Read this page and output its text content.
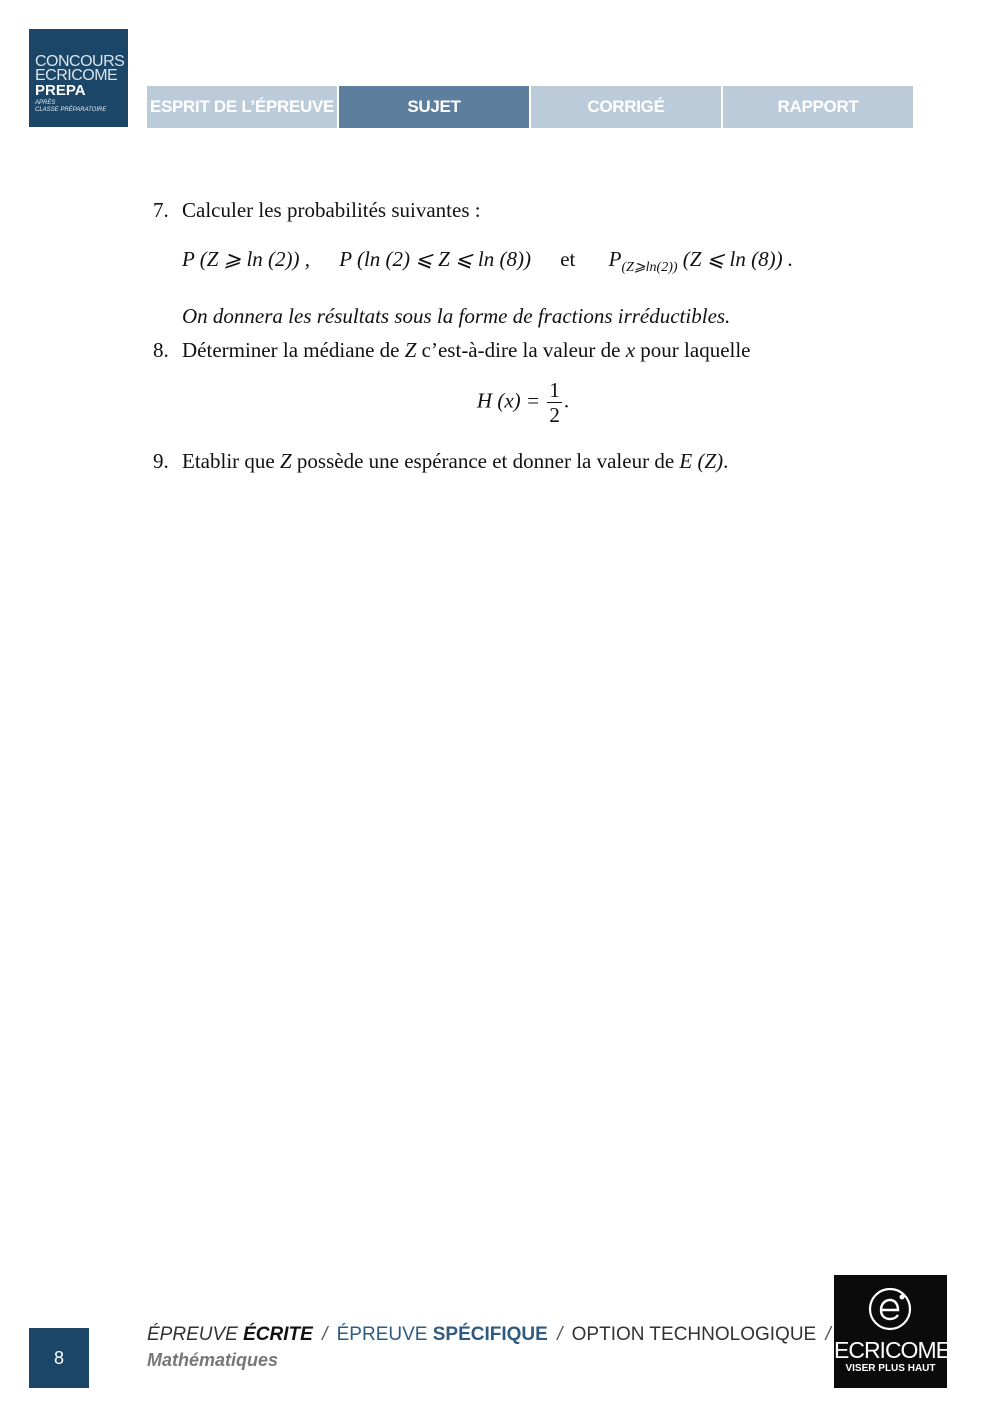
CONCOURS
ECRICOME
PREPA
APRÈS
CLASSE PRÉPARATOIRE	ESPRIT DE L’ÉPREUVE	SUJET	CORRIGÉ	RAPPORT
7. Calculer les probabilités suivantes :
P (Z ⩾ ln (2)) , P (ln (2) ⩽ Z ⩽ ln (8)) et $P_{(Z⩾ln(2))}$ (Z ⩽ ln (8)) .
On donnera les résultats sous la forme de fractions irréductibles.
8. Déterminer la médiane de Z c’est-à-dire la valeur de x pour laquelle
H $(x) = \frac{1}{2}$ .
9. Etablir que Z possède une espérance et donner la valeur de E (Z).
8
ÉPREUVE ÉCRITE / ÉPREUVE SPÉCIFIQUE / OPTION TECHNOLOGIQUE /
Mathématiques	ECRICOME
VISER PLUS HAUT
